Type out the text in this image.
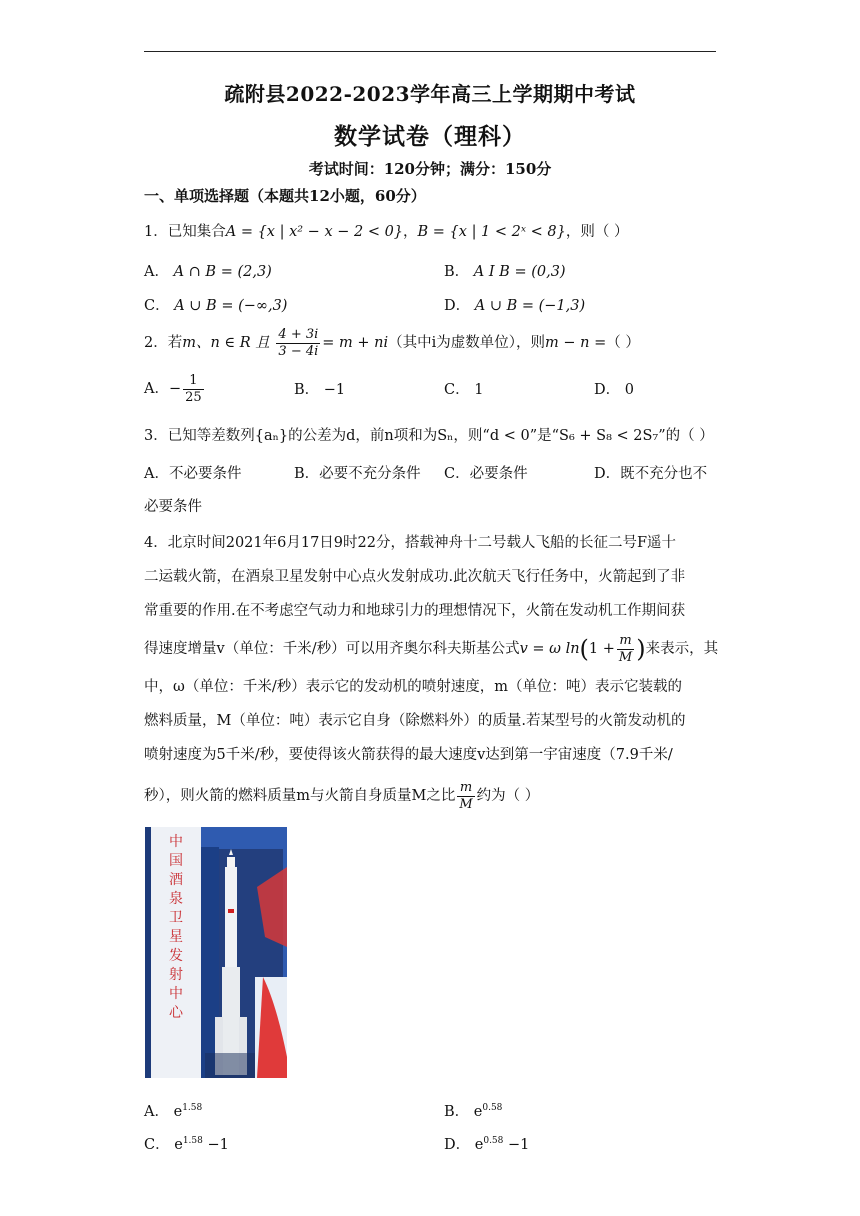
疏附县2022-2023学年高三上学期期中考试
数学试卷（理科）
考试时间：120分钟；满分：150分
一、单项选择题（本题共12小题，60分）
1．已知集合A = {x | x² − x − 2 < 0}，B = {x | 1 < 2ˣ < 8}，则（ ）
A． A ∩ B = (2,3)	B． A I B = (0,3)
C． A ∪ B = (−∞,3)	D． A ∪ B = (−1,3)
2．若m、n ∈ R 且 $\frac{4 + 3i}{3 - 4i} = m + ni$（其中i为虚数单位），则m − n =（ ）
A．− $\frac{1}{25}$	B． −1	C． 1	D． 0
3．已知等差数列{aₙ}的公差为d，前n项和为Sₙ，则“d < 0”是“S₆ + S₈ < 2S₇”的（ ）
A．不必要条件	B．必要不充分条件 C．必要条件	D．既不充分也不
必要条件
4．北京时间2021年6月17日9时22分，搭载神舟十二号载人飞船的长征二号F遥十
二运载火箭，在酒泉卫星发射中心点火发射成功.此次航天飞行任务中，火箭起到了非
常重要的作用.在不考虑空气动力和地球引力的理想情况下，火箭在发动机工作期间获
得速度增量v（单位：千米/秒）可以用齐奥尔科夫斯基公式v = ω $\ln(1 + \frac{m}{M}$ )来表示，其
中，ω（单位：千米/秒）表示它的发动机的喷射速度，m（单位：吨）表示它装载的
燃料质量，M（单位：吨）表示它自身（除燃料外）的质量.若某型号的火箭发动机的
喷射速度为5千米/秒，要使得该火箭获得的最大速度v达到第一宇宙速度（7.9千米/
秒），则火箭的燃料质量m与火箭自身质量M之比 $\frac{m}{M}$ 约为（ ）
中国酒泉卫星发射中心
A． $e^{1.58}$	B． $e^{0.58}$
C． $e^{1.58} -1$	D． $e^{0.58} -1$
